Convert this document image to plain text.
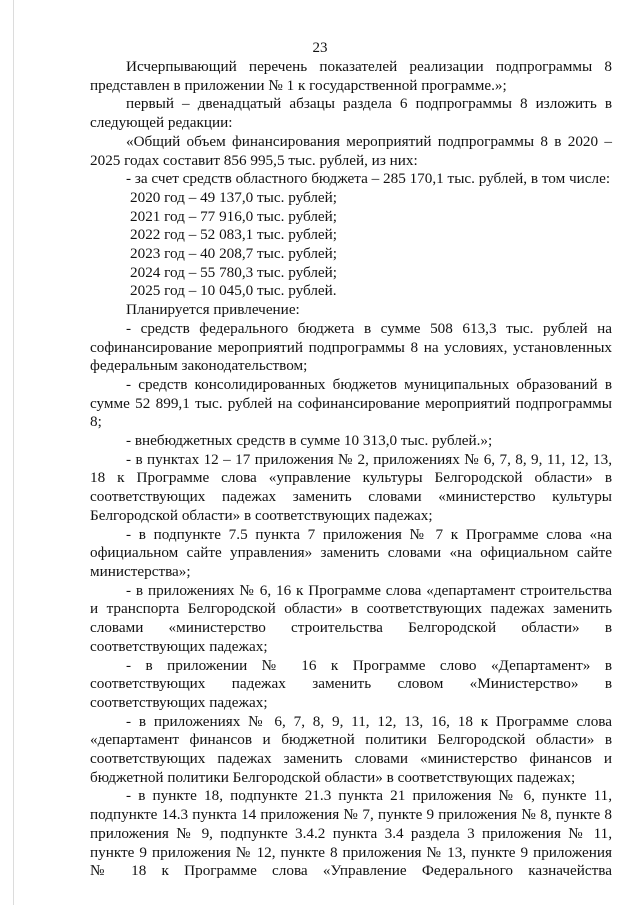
23

Исчерпывающий перечень показателей реализации подпрограммы 8 представлен в приложении № 1 к государственной программе.»;

первый – двенадцатый абзацы раздела 6 подпрограммы 8 изложить в следующей редакции:

«Общий объем финансирования мероприятий подпрограммы 8 в 2020 – 2025 годах составит 856 995,5 тыс. рублей, из них:

- за счет средств областного бюджета – 285 170,1 тыс. рублей, в том числе:

2020 год – 49 137,0 тыс. рублей;

2021 год – 77 916,0 тыс. рублей;

2022 год – 52 083,1 тыс. рублей;

2023 год – 40 208,7 тыс. рублей;

2024 год – 55 780,3 тыс. рублей;

2025 год – 10 045,0 тыс. рублей.

Планируется привлечение:

- средств федерального бюджета в сумме 508 613,3 тыс. рублей на софинансирование мероприятий подпрограммы 8 на условиях, установленных федеральным законодательством;

- средств консолидированных бюджетов муниципальных образований в сумме 52 899,1 тыс. рублей на софинансирование мероприятий подпрограммы 8;

- внебюджетных средств в сумме 10 313,0 тыс. рублей.»;

- в пунктах 12 – 17 приложения № 2, приложениях № 6, 7, 8, 9, 11, 12, 13, 18 к Программе слова «управление культуры Белгородской области» в соответствующих падежах заменить словами «министерство культуры Белгородской области» в соответствующих падежах;

- в подпункте 7.5 пункта 7 приложения № 7 к Программе слова «на официальном сайте управления» заменить словами «на официальном сайте министерства»;

- в приложениях № 6, 16 к Программе слова «департамент строительства и транспорта Белгородской области» в соответствующих падежах заменить словами «министерство строительства Белгородской области» в соответствующих падежах;

- в приложении № 16 к Программе слово «Департамент» в соответствующих падежах заменить словом «Министерство» в соответствующих падежах;

- в приложениях № 6, 7, 8, 9, 11, 12, 13, 16, 18 к Программе слова «департамент финансов и бюджетной политики Белгородской области» в соответствующих падежах заменить словами «министерство финансов и бюджетной политики Белгородской области» в соответствующих падежах;

- в пункте 18, подпункте 21.3 пункта 21 приложения № 6, пункте 11, подпункте 14.3 пункта 14 приложения № 7, пункте 9 приложения № 8, пункте 8 приложения № 9, подпункте 3.4.2 пункта 3.4 раздела 3 приложения № 11, пункте 9 приложения № 12, пункте 8 приложения № 13, пункте 9 приложения № 18 к Программе слова «Управление Федерального казначейства
